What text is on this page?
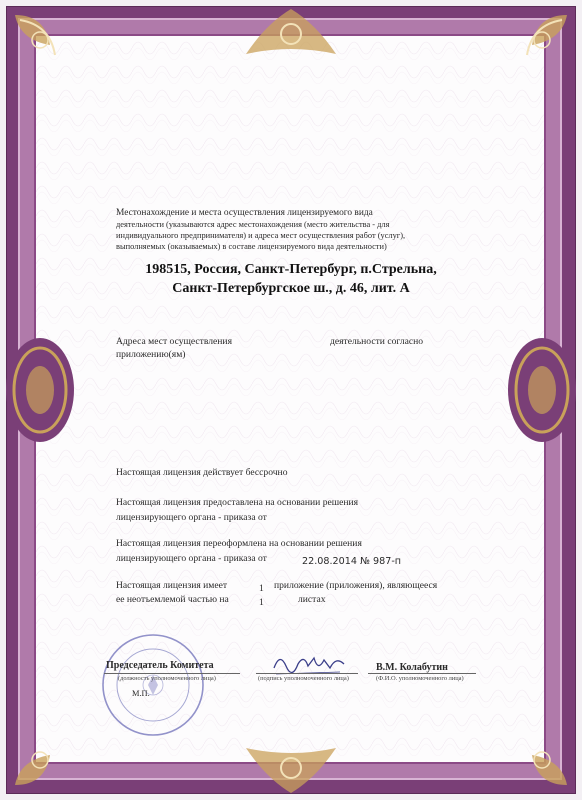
Местонахождение и места осуществления лицензируемого вида
деятельности (указываются адрес местонахождения (место жительства - для
индивидуального предпринимателя) и адреса мест осуществления работ (услуг),
выполняемых (оказываемых) в составе лицензируемого вида деятельности)
198515, Россия, Санкт-Петербург, п.Стрельна,
Санкт-Петербургское ш., д. 46, лит. А
Адреса мест осуществления	деятельности согласно
приложению(ям)
Настоящая лицензия действует бессрочно
Настоящая лицензия предоставлена на основании решения
лицензирующего органа - приказа от
Настоящая лицензия переоформлена на основании решения
лицензирующего органа - приказа от	22.08.2014 № 987-п
Настоящая лицензия имеет	1 приложение (приложения), являющееся
ее неотъемлемой частью на	1	листах
Председатель Комитета
(должность уполномоченного лица)	(подпись уполномоченного лица)
В.М. Колабутин
(Ф.И.О. уполномоченного лица)
М.П.
